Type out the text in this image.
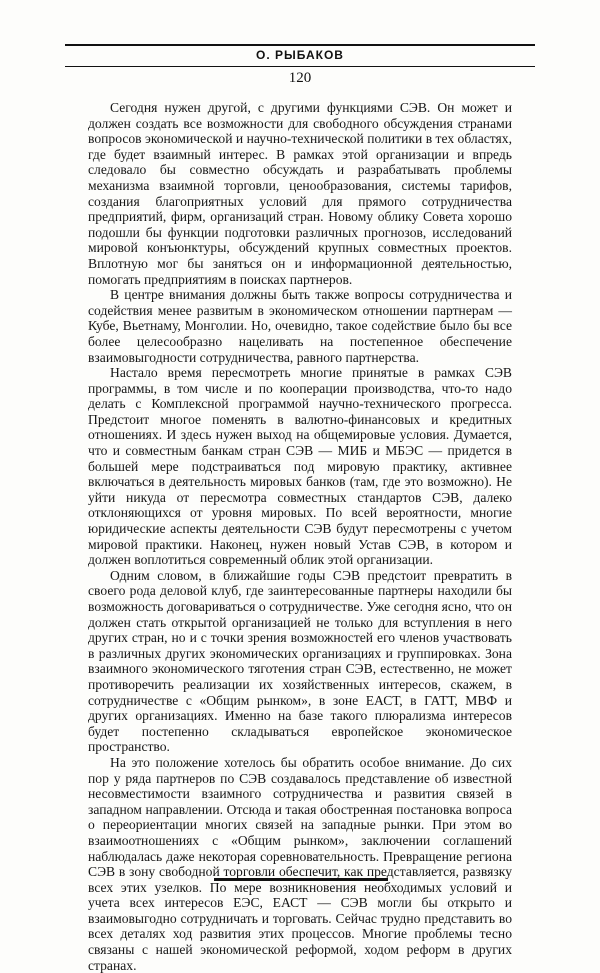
О. РЫБАКОВ
120

Сегодня нужен другой, с другими функциями СЭВ. Он может и должен создать все возможности для свободного обсуждения странами вопросов экономической и научно-технической политики в тех областях, где будет взаимный интерес. В рамках этой организации и впредь следовало бы совместно обсуждать и разрабатывать проблемы механизма взаимной торговли, ценообразования, системы тарифов, создания благоприятных условий для прямого сотрудничества предприятий, фирм, организаций стран. Новому облику Совета хорошо подошли бы функции подготовки различных прогнозов, исследований мировой конъюнктуры, обсуждений крупных совместных проектов. Вплотную мог бы заняться он и информационной деятельностью, помогать предприятиям в поисках партнеров.

В центре внимания должны быть также вопросы сотрудничества и содействия менее развитым в экономическом отношении партнерам — Кубе, Вьетнаму, Монголии. Но, очевидно, такое содействие было бы все более целесообразно нацеливать на постепенное обеспечение взаимовыгодности сотрудничества, равного партнерства.

Настало время пересмотреть многие принятые в рамках СЭВ программы, в том числе и по кооперации производства, что-то надо делать с Комплексной программой научно-технического прогресса. Предстоит многое поменять в валютно-финансовых и кредитных отношениях. И здесь нужен выход на общемировые условия. Думается, что и совместным банкам стран СЭВ — МИБ и МБЭС — придется в большей мере подстраиваться под мировую практику, активнее включаться в деятельность мировых банков (там, где это возможно). Не уйти никуда от пересмотра совместных стандартов СЭВ, далеко отклоняющихся от уровня мировых. По всей вероятности, многие юридические аспекты деятельности СЭВ будут пересмотрены с учетом мировой практики. Наконец, нужен новый Устав СЭВ, в котором и должен воплотиться современный облик этой организации.

Одним словом, в ближайшие годы СЭВ предстоит превратить в своего рода деловой клуб, где заинтересованные партнеры находили бы возможность договариваться о сотрудничестве. Уже сегодня ясно, что он должен стать открытой организацией не только для вступления в него других стран, но и с точки зрения возможностей его членов участвовать в различных других экономических организациях и группировках. Зона взаимного экономического тяготения стран СЭВ, естественно, не может противоречить реализации их хозяйственных интересов, скажем, в сотрудничестве с «Общим рынком», в зоне ЕАСТ, в ГАТТ, МВФ и других организациях. Именно на базе такого плюрализма интересов будет постепенно складываться европейское экономическое пространство.

На это положение хотелось бы обратить особое внимание. До сих пор у ряда партнеров по СЭВ создавалось представление об известной несовместимости взаимного сотрудничества и развития связей в западном направлении. Отсюда и такая обостренная постановка вопроса о переориентации многих связей на западные рынки. При этом во взаимоотношениях с «Общим рынком», заключении соглашений наблюдалась даже некоторая соревновательность. Превращение региона СЭВ в зону свободной торговли обеспечит, как представляется, развязку всех этих узелков. По мере возникновения необходимых условий и учета всех интересов ЕЭС, ЕАСТ — СЭВ могли бы открыто и взаимовыгодно сотрудничать и торговать. Сейчас трудно представить во всех деталях ход развития этих процессов. Многие проблемы тесно связаны с нашей экономической реформой, ходом реформ в других странах.
